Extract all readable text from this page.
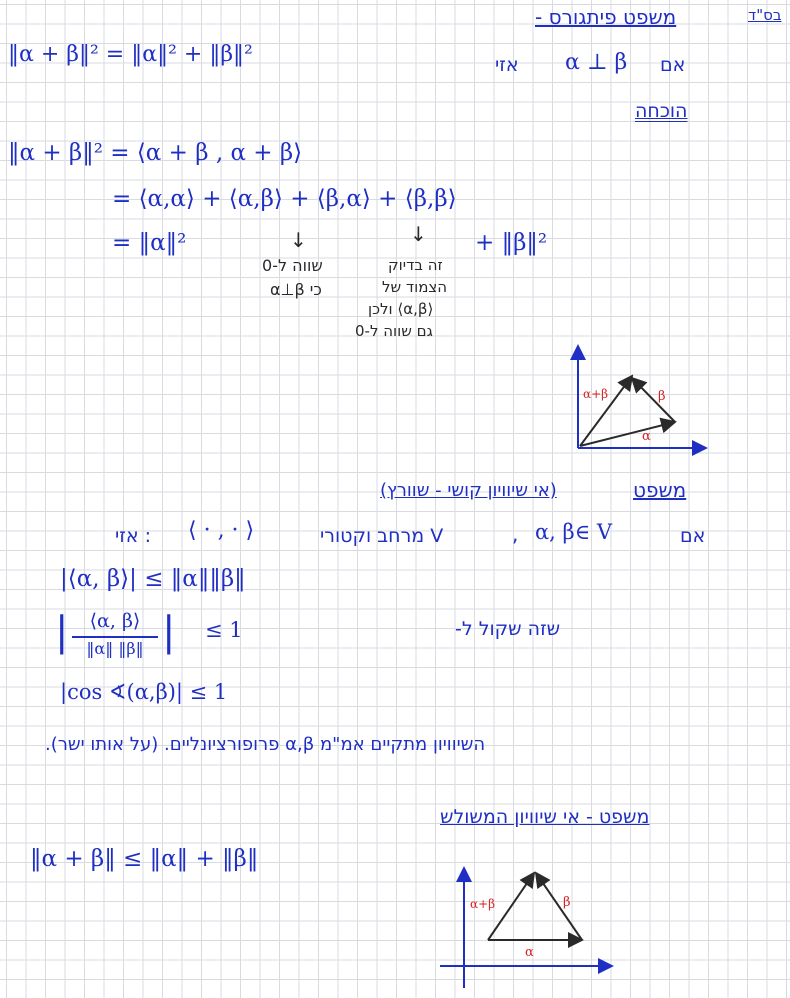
בס"ד
משפט פיתגורס -
‖α + β‖² = ‖α‖² + ‖β‖²	אם
α ⊥ β
אזי
הוכחה
‖α + β‖² = ⟨α + β , α + β⟩
= ⟨α,α⟩ + ⟨α,β⟩ + ⟨β,α⟩ + ⟨β,β⟩
= ‖α‖²	+ ‖β‖²
↓	↓
שווה ל-0
כי α⊥β
זה בדיוק
הצמוד של
⟨α,β⟩ ולכן
גם שווה ל-0
α+β	β
α
משפט
(אי שיוויון קושי - שוורץ)
אם
α, β∈ V
,
V מרחב וקטורי
⟨ · , · ⟩
: אזי
|⟨α, β⟩| ≤ ‖α‖‖β‖
|	⟨α, β⟩
‖α‖ ‖β‖ | ≤ 1	שזה שקול ל-
|cos ∢(α,β)| ≤ 1
השיוויון מתקיים אמ"מ α,β פרופורציונליים. (על אותו ישר).
משפט - אי שיוויון המשולש
‖α + β‖ ≤ ‖α‖ + ‖β‖
α+β	β
α
